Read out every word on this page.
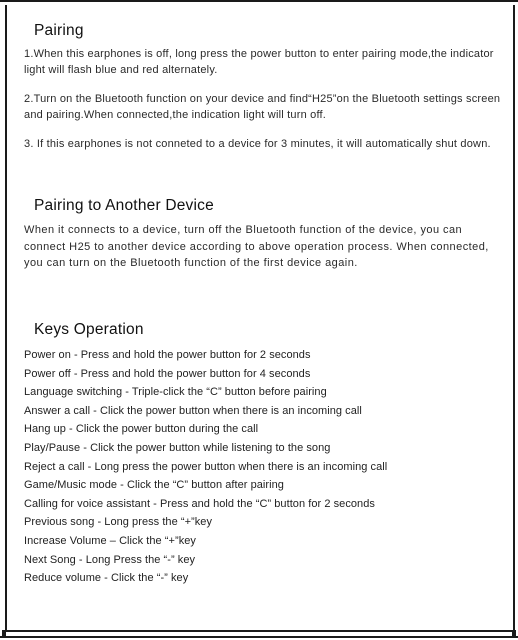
Pairing
1.When this earphones is off, long press the power button to enter pairing mode,the indicator light will flash blue and red alternately.
2.Turn on the Bluetooth function on your device and find“H25”on the Bluetooth settings screen and pairing.When connected,the indication light will turn off.
3. If this earphones is not conneted to a device for 3 minutes, it will automatically shut down.
Pairing to Another Device
When it connects to a device, turn off the Bluetooth function of the device, you can connect H25 to another device according to above operation process. When connected, you can turn on the Bluetooth function of the first device again.
Keys Operation
Power on - Press and hold the power button for 2 seconds
Power off - Press and hold the power button for 4 seconds
Language switching - Triple-click the “C” button before pairing
Answer a call - Click the power button when there is an incoming call
Hang up - Click the power button during the call
Play/Pause - Click the power button while listening to the song
Reject a call - Long press the power button when there is an incoming call
Game/Music mode - Click the “C” button after pairing
Calling for voice assistant - Press and hold the “C” button for 2 seconds
Previous song - Long press the “+”key
Increase Volume – Click the “+”key
Next Song - Long Press the “-” key
Reduce volume - Click the “-” key
